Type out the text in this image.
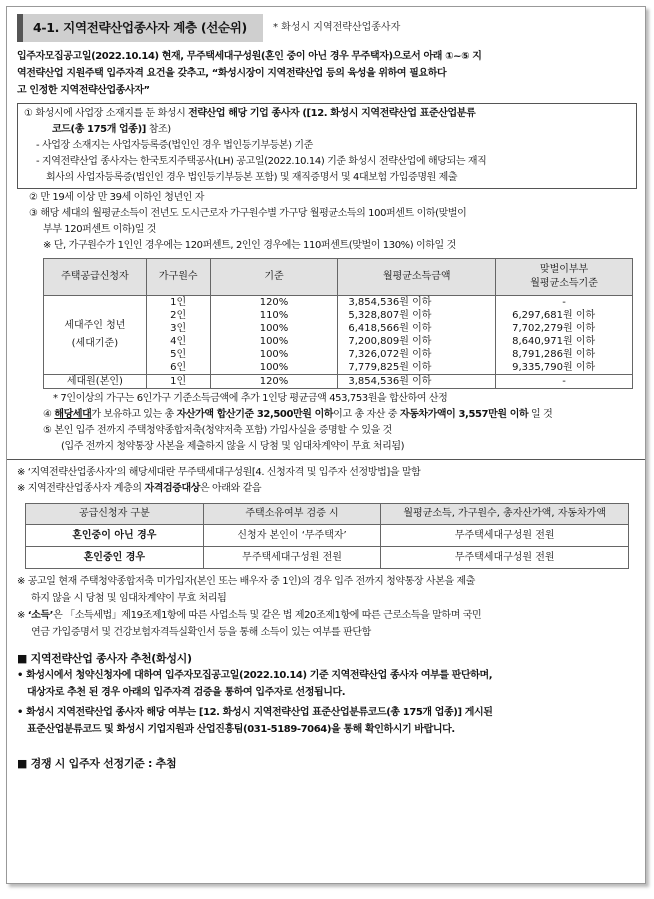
4-1. 지역전략산업종사자 계층 (선순위)	* 화성시 지역전략산업종사자
입주자모집공고일(2022.10.14) 현재, 무주택세대구성원(혼인 중이 아닌 경우 무주택자)으로서 아래 ①~⑤ 지
역전략산업 지원주택 입주자격 요건을 갖추고, “화성시장이 지역전략산업 등의 육성을 위하여 필요하다
고 인정한 지역전략산업종사자”
① 화성시에 사업장 소재지를 둔 화성시 전략산업 해당 기업 종사자 ([12. 화성시 지역전략산업 표준산업분류
코드(총 175개 업종)] 참조)
- 사업장 소재지는 사업자등록증(법인인 경우 법인등기부등본) 기준
- 지역전략산업 종사자는 한국토지주택공사(LH) 공고일(2022.10.14) 기준 화성시 전략산업에 해당되는 재직
회사의 사업자등록증(법인인 경우 법인등기부등본 포함) 및 재직증명서 및 4대보험 가입증명원 제출
② 만 19세 이상 만 39세 이하인 청년인 자
③ 해당 세대의 월평균소득이 전년도 도시근로자 가구원수별 가구당 월평균소득의 100퍼센트 이하(맞벌이
부부 120퍼센트 이하)일 것
※ 단, 가구원수가 1인인 경우에는 120퍼센트, 2인인 경우에는 110퍼센트(맞벌이 130%) 이하일 것
주택공급신청자	가구원수	기준	월평균소득금액	맞벌이부부
월평균소득기준
세대주인 청년
(세대기준)	1인	120%	3,854,536원 이하	-
	2인	110%	5,328,807원 이하	6,297,681원 이하
	3인	100%	6,418,566원 이하	7,702,279원 이하
	4인	100%	7,200,809원 이하	8,640,971원 이하
	5인	100%	7,326,072원 이하	8,791,286원 이하
	6인	100%	7,779,825원 이하	9,335,790원 이하
세대원(본인)	1인	120%	3,854,536원 이하	-
* 7인이상의 가구는 6인가구 기준소득금액에 추가 1인당 평균금액 453,753원을 합산하여 산정
④ 해당세대가 보유하고 있는 총 자산가액 합산기준 32,500만원 이하이고 총 자산 중 자동차가액이 3,557만원 이하 일 것
⑤ 본인 입주 전까지 주택청약종합저축(청약저축 포함) 가입사실을 증명할 수 있을 것
(입주 전까지 청약통장 사본을 제출하지 않을 시 당첨 및 임대차계약이 무효 처리됨)
※ ‘지역전략산업종사자’의 해당세대란 무주택세대구성원[4. 신청자격 및 입주자 선정방법]을 말함
※ 지역전략산업종사자 계층의 자격검증대상은 아래와 같음
공급신청자 구분	주택소유여부 검증 시	월평균소득, 가구원수, 총자산가액, 자동차가액
혼인중이 아닌 경우	신청자 본인이 ‘무주택자’	무주택세대구성원 전원
혼인중인 경우	무주택세대구성원 전원	무주택세대구성원 전원
※ 공고일 현재 주택청약종합저축 미가입자(본인 또는 배우자 중 1인)의 경우 입주 전까지 청약통장 사본을 제출
하지 않을 시 당첨 및 임대차계약이 무효 처리됨
※ ‘소득’은 「소득세법」제19조제1항에 따른 사업소득 및 같은 법 제20조제1항에 따른 근로소득을 말하며 국민
연금 가입증명서 및 건강보험자격득실확인서 등을 통해 소득이 있는 여부를 판단함
■ 지역전략산업 종사자 추천(화성시)
• 화성시에서 청약신청자에 대하여 입주자모집공고일(2022.10.14) 기준 지역전략산업 종사자 여부를 판단하며,
대상자로 추천 된 경우 아래의 입주자격 검증을 통하여 입주자로 선정됩니다.
• 화성시 지역전략산업 종사자 해당 여부는 [12. 화성시 지역전략산업 표준산업분류코드(총 175개 업종)] 게시된
표준산업분류코드 및 화성시 기업지원과 산업진흥팀(031-5189-7064)을 통해 확인하시기 바랍니다.
■ 경쟁 시 입주자 선정기준 : 추첨
